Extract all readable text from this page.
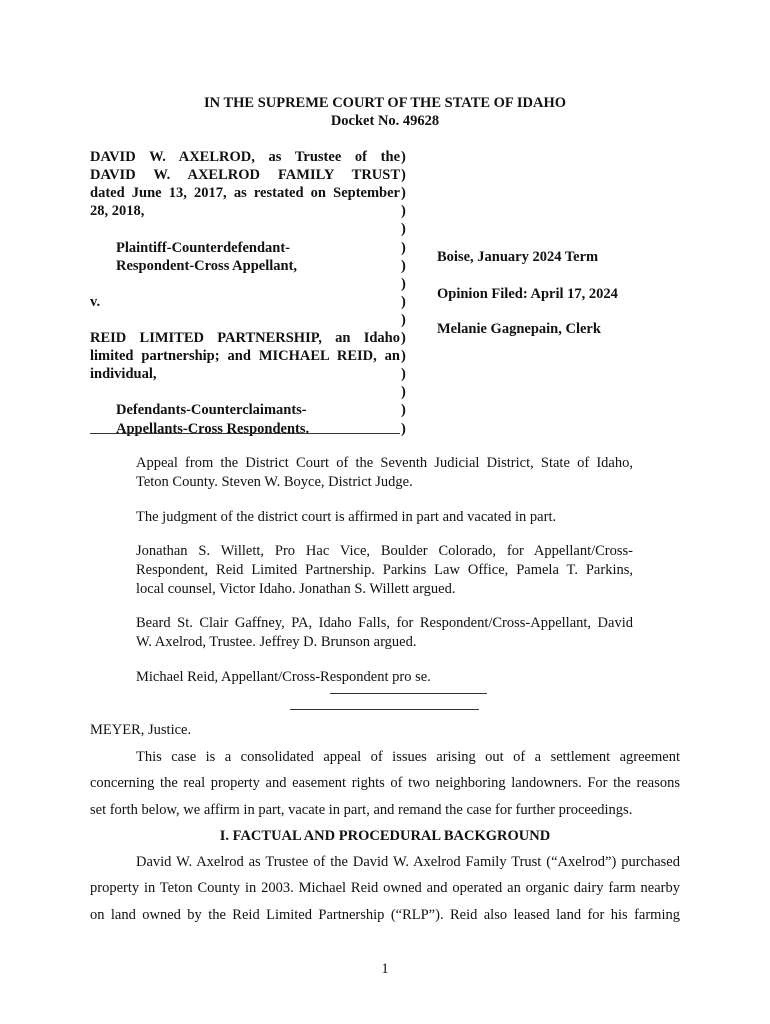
IN THE SUPREME COURT OF THE STATE OF IDAHO
Docket No. 49628
DAVID W. AXELROD, as Trustee of the )
DAVID W. AXELROD FAMILY TRUST )
dated June 13, 2017, as restated on September )
28, 2018,	)
)
Plaintiff-Counterdefendant-	)
Respondent-Cross Appellant,	)
)
v.	)
)
REID LIMITED PARTNERSHIP, an Idaho )
limited partnership; and MICHAEL REID, an )
individual,	)
)
Defendants-Counterclaimants-	)
Appellants-Cross Respondents.	)
Boise, January 2024 Term
Opinion Filed: April 17, 2024
Melanie Gagnepain, Clerk
Appeal from the District Court of the Seventh Judicial District, State of Idaho,
Teton County. Steven W. Boyce, District Judge.
The judgment of the district court is affirmed in part and vacated in part.
Jonathan S. Willett, Pro Hac Vice, Boulder Colorado, for Appellant/Cross-
Respondent, Reid Limited Partnership. Parkins Law Office, Pamela T. Parkins,
local counsel, Victor Idaho. Jonathan S. Willett argued.
Beard St. Clair Gaffney, PA, Idaho Falls, for Respondent/Cross-Appellant, David
W. Axelrod, Trustee. Jeffrey D. Brunson argued.
Michael Reid, Appellant/Cross-Respondent pro se.
MEYER, Justice.
This case is a consolidated appeal of issues arising out of a settlement agreement
concerning the real property and easement rights of two neighboring landowners. For the reasons
set forth below, we affirm in part, vacate in part, and remand the case for further proceedings.
I. FACTUAL AND PROCEDURAL BACKGROUND
David W. Axelrod as Trustee of the David W. Axelrod Family Trust (“Axelrod”) purchased
property in Teton County in 2003. Michael Reid owned and operated an organic dairy farm nearby
on land owned by the Reid Limited Partnership (“RLP”). Reid also leased land for his farming
1
